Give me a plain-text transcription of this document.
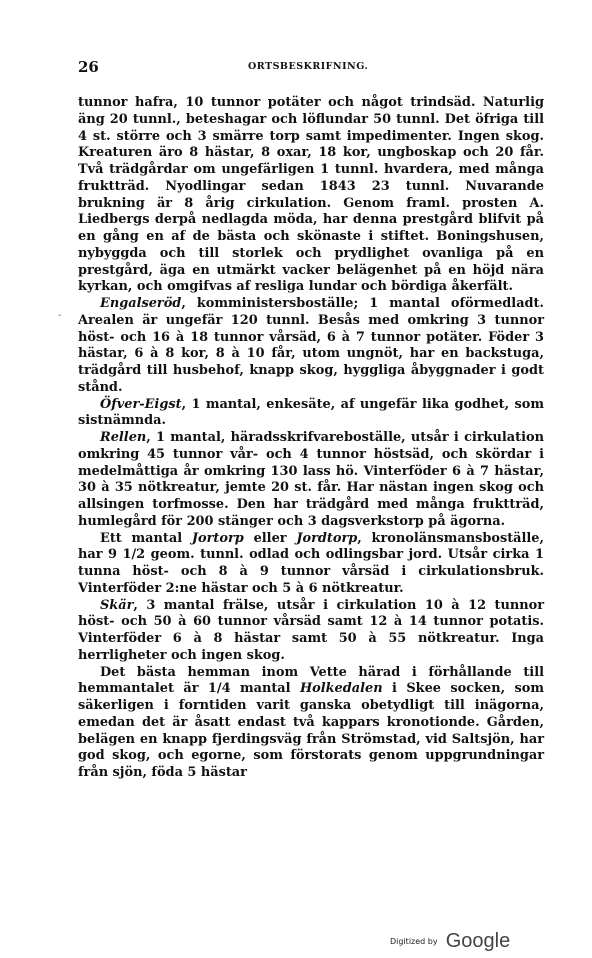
26	ORTSBESKRIFNING.
-

tunnor hafra, 10 tunnor potäter och något trindsäd. Naturlig äng 20 tunnl., beteshagar och löflundar 50 tunnl. Det öfriga till 4 st. större och 3 smärre torp samt impedimenter. Ingen skog. Kreaturen äro 8 hästar, 8 oxar, 18 kor, ungboskap och 20 får. Två trädgårdar om ungefärligen 1 tunnl. hvardera, med många fruktträd. Nyodlingar sedan 1843 23 tunnl. Nuvarande brukning är 8 årig cirkulation. Genom framl. prosten A. Liedbergs derpå nedlagda möda, har denna prestgård blifvit på en gång en af de bästa och skönaste i stiftet. Boningshusen, nybyggda och till storlek och prydlighet ovanliga på en prestgård, äga en utmärkt vacker belägenhet på en höjd nära kyrkan, och omgifvas af resliga lundar och bördiga åkerfält.

Engalseröd, komministersboställe; 1 mantal oförmedladt. Arealen är ungefär 120 tunnl. Besås med omkring 3 tunnor höst- och 16 à 18 tunnor vårsäd, 6 à 7 tunnor potäter. Föder 3 hästar, 6 à 8 kor, 8 à 10 får, utom ungnöt, har en backstuga, trädgård till husbehof, knapp skog, hyggliga åbyggnader i godt stånd.

Öfver-Eigst, 1 mantal, enkesäte, af ungefär lika godhet, som sistnämnda.

Rellen, 1 mantal, häradsskrifvareboställe, utsår i cirkulation omkring 45 tunnor vår- och 4 tunnor höstsäd, och skördar i medelmåttiga år omkring 130 lass hö. Vinterföder 6 à 7 hästar, 30 à 35 nötkreatur, jemte 20 st. får. Har nästan ingen skog och allsingen torfmosse. Den har trädgård med många fruktträd, humlegård för 200 stänger och 3 dagsverkstorp på ägorna.

Ett mantal Jortorp eller Jordtorp, kronolänsmansboställe, har 9 1/2 geom. tunnl. odlad och odlingsbar jord. Utsår cirka 1 tunna höst- och 8 à 9 tunnor vårsäd i cirkulationsbruk. Vinterföder 2:ne hästar och 5 à 6 nötkreatur.

Skär, 3 mantal frälse, utsår i cirkulation 10 à 12 tunnor höst- och 50 à 60 tunnor vårsäd samt 12 à 14 tunnor potatis. Vinterföder 6 à 8 hästar samt 50 à 55 nötkreatur. Inga herrligheter och ingen skog.

Det bästa hemman inom Vette härad i förhållande till hemmantalet är 1/4 mantal Holkedalen i Skee socken, som säkerligen i forntiden varit ganska obetydligt till inägorna, emedan det är åsatt endast två kappars kronotionde. Gården, belägen en knapp fjerdingsväg från Strömstad, vid Saltsjön, har god skog, och egorne, som förstorats genom uppgrundningar från sjön, föda 5 hästar

Digitized by Google
